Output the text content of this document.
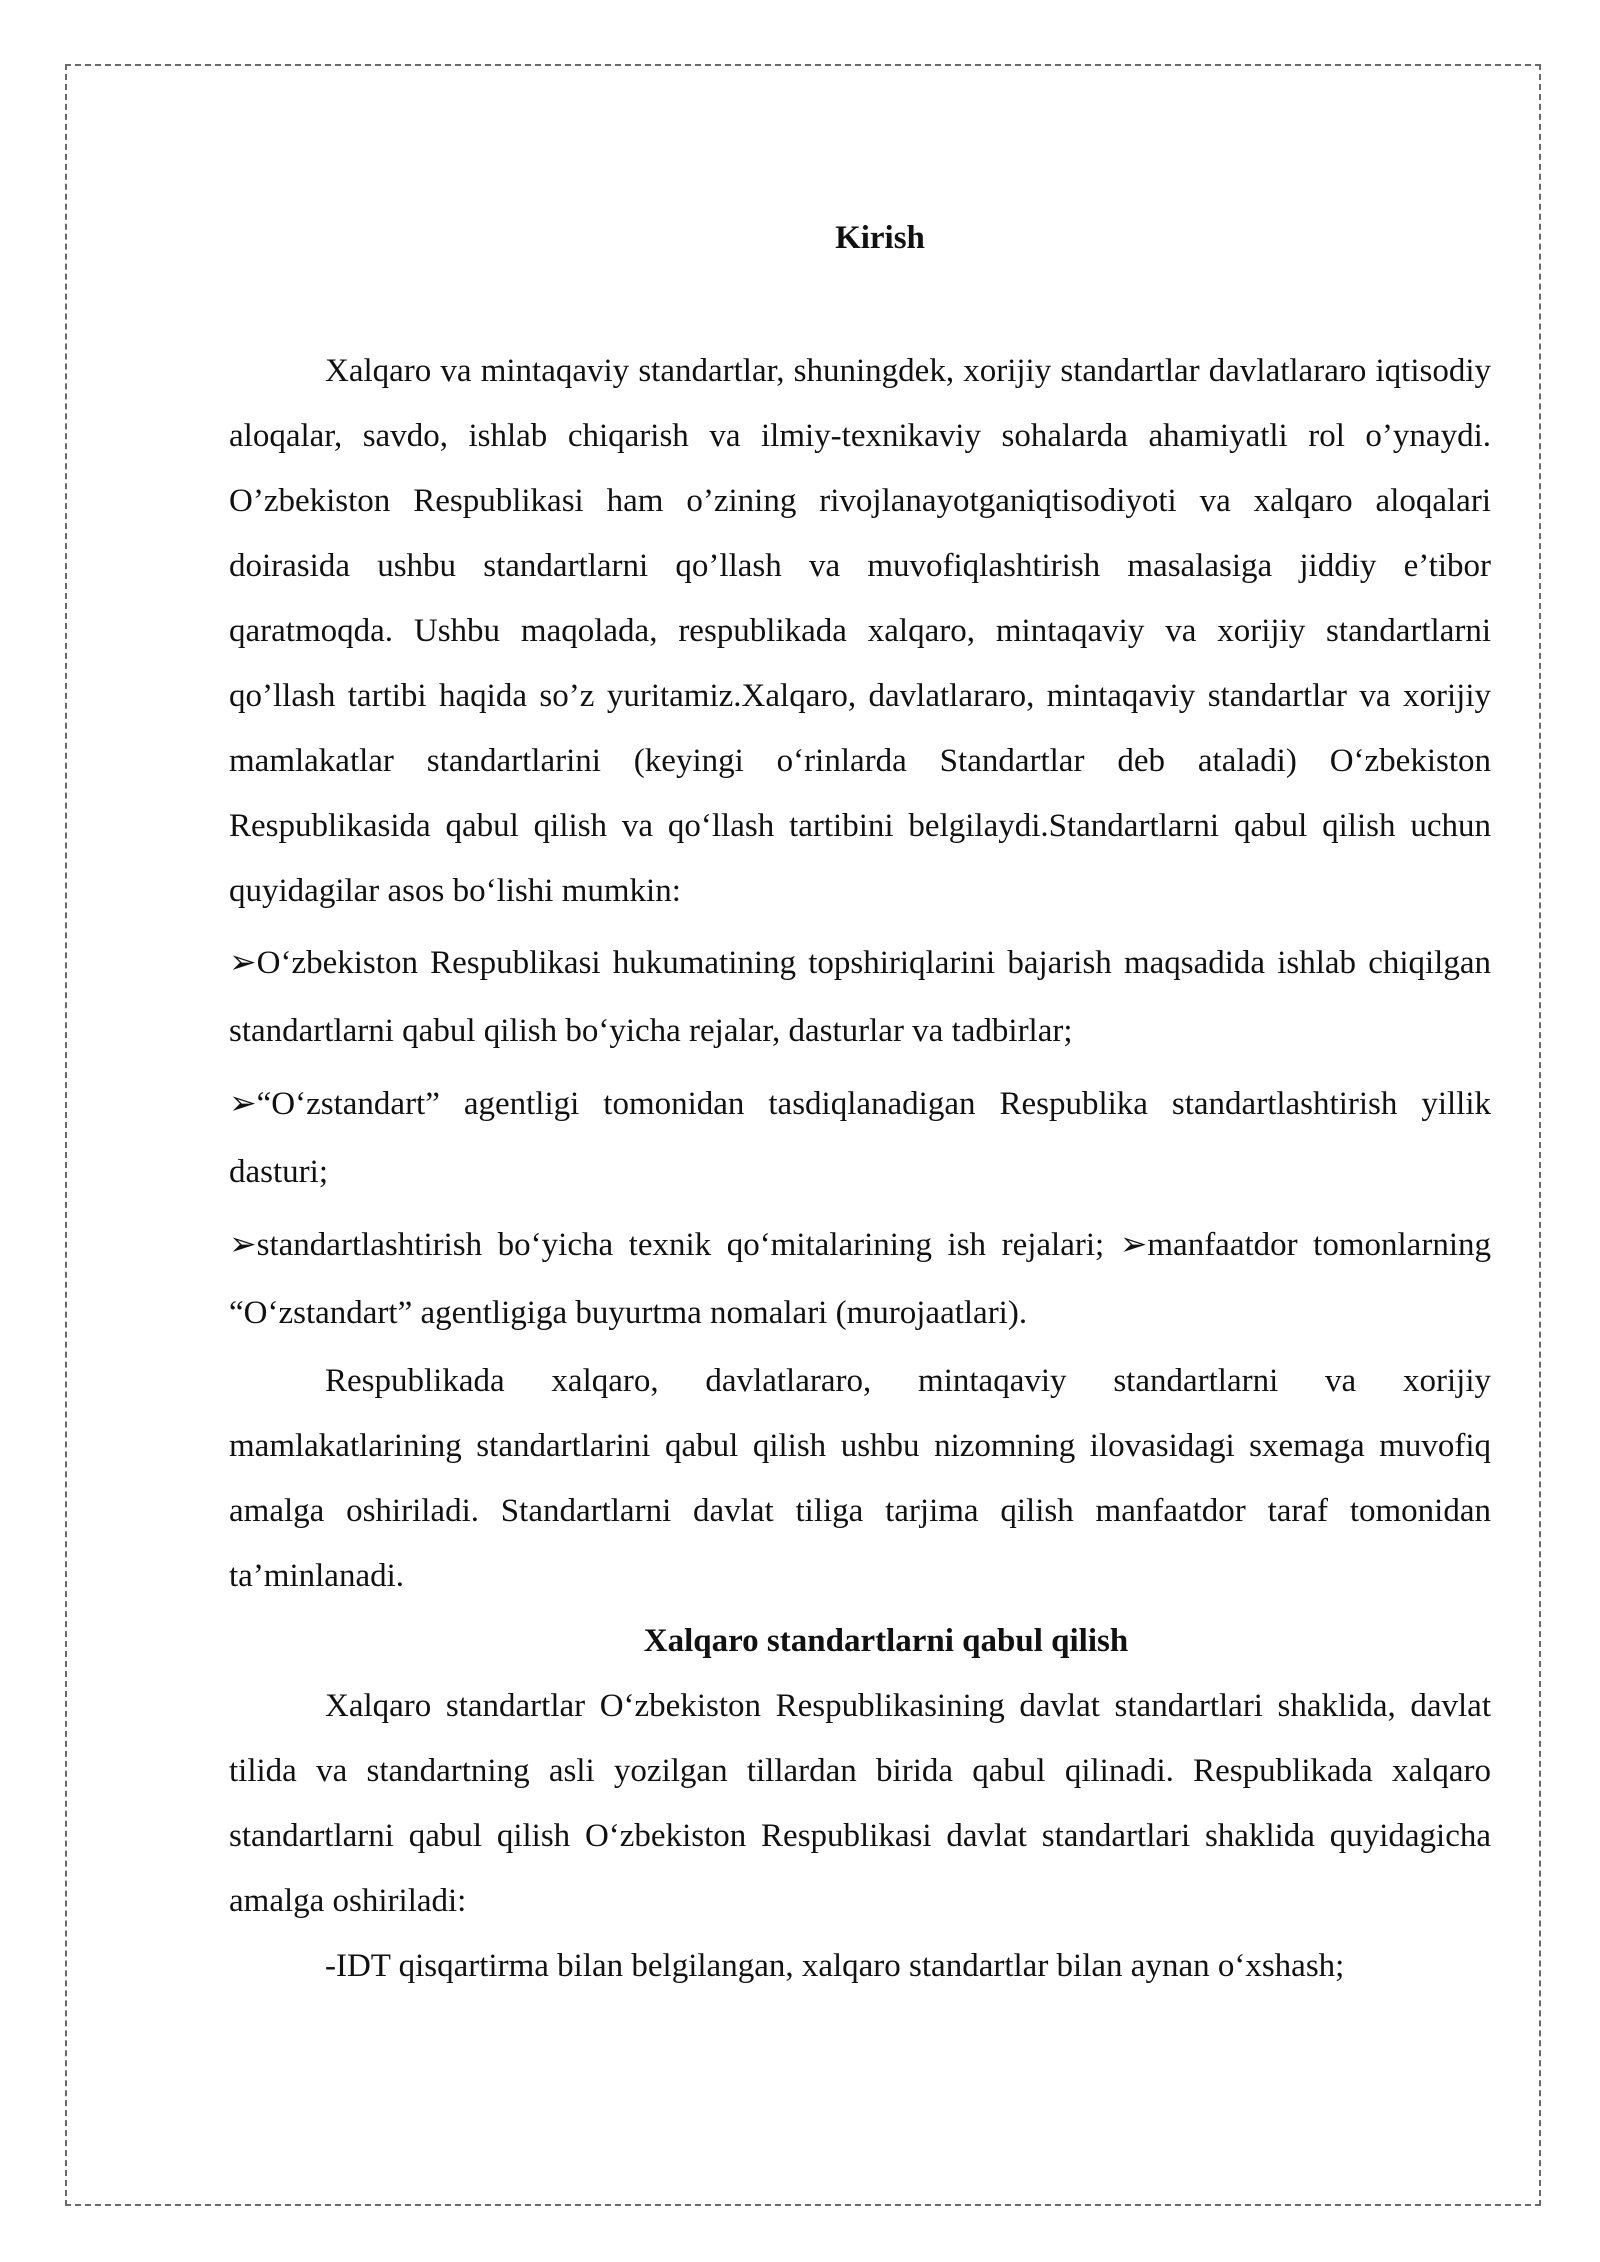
Kirish

Xalqaro va mintaqaviy standartlar, shuningdek, xorijiy standartlar davlatlararo iqtisodiy aloqalar, savdo, ishlab chiqarish va ilmiy-texnikaviy sohalarda ahamiyatli rol o’ynaydi. O’zbekiston Respublikasi ham o’zining rivojlanayotganiqtisodiyoti va xalqaro aloqalari doirasida ushbu standartlarni qo’llash va muvofiqlashtirish masalasiga jiddiy e’tibor qaratmoqda. Ushbu maqolada, respublikada xalqaro, mintaqaviy va xorijiy standartlarni qo’llash tartibi haqida so’z yuritamiz.Xalqaro, davlatlararo, mintaqaviy standartlar va xorijiy mamlakatlar standartlarini (keyingi o‘rinlarda Standartlar deb ataladi) O‘zbekiston Respublikasida qabul qilish va qo‘llash tartibini belgilaydi.Standartlarni qabul qilish uchun quyidagilar asos bo‘lishi mumkin:

➢O‘zbekiston Respublikasi hukumatining topshiriqlarini bajarish maqsadida ishlab chiqilgan standartlarni qabul qilish bo‘yicha rejalar, dasturlar va tadbirlar;

➢“O‘zstandart” agentligi tomonidan tasdiqlanadigan Respublika standartlashtirish yillik dasturi;

➢standartlashtirish bo‘yicha texnik qo‘mitalarining ish rejalari; ➢manfaatdor tomonlarning “O‘zstandart” agentligiga buyurtma nomalari (murojaatlari).

Respublikada xalqaro, davlatlararo, mintaqaviy standartlarni va xorijiy mamlakatlarining standartlarini qabul qilish ushbu nizomning ilovasidagi sxemaga muvofiq amalga oshiriladi. Standartlarni davlat tiliga tarjima qilish manfaatdor taraf tomonidan ta’minlanadi.

Xalqaro standartlarni qabul qilish

Xalqaro standartlar O‘zbekiston Respublikasining davlat standartlari shaklida, davlat tilida va standartning asli yozilgan tillardan birida qabul qilinadi. Respublikada xalqaro standartlarni qabul qilish O‘zbekiston Respublikasi davlat standartlari shaklida quyidagicha amalga oshiriladi:

-IDT qisqartirma bilan belgilangan, xalqaro standartlar bilan aynan o‘xshash;
